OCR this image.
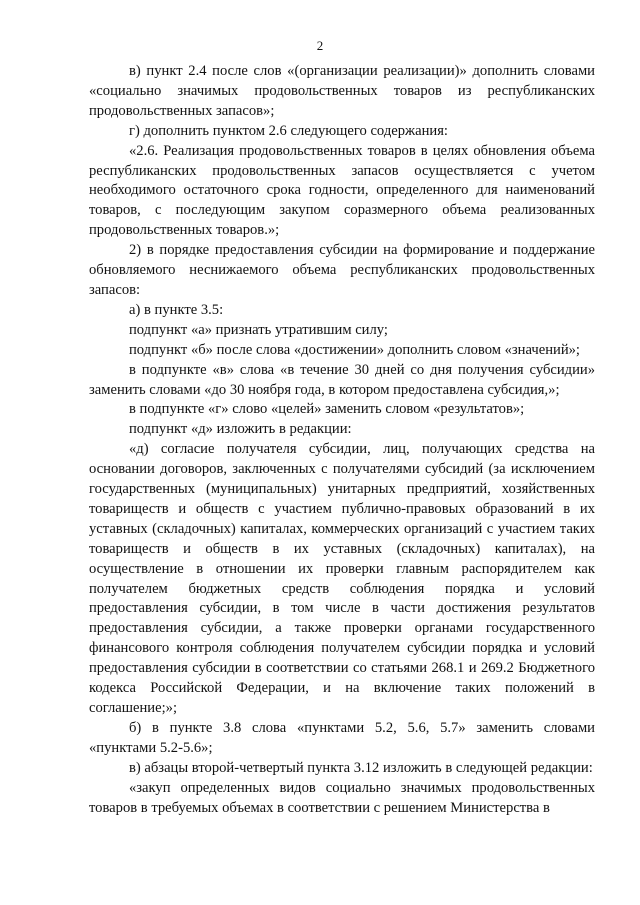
2

в) пункт 2.4 после слов «(организации реализации)» дополнить словами «социально значимых продовольственных товаров из республиканских продовольственных запасов»;

г) дополнить пунктом 2.6 следующего содержания:

«2.6. Реализация продовольственных товаров в целях обновления объема республиканских продовольственных запасов осуществляется с учетом необходимого остаточного срока годности, определенного для наименований товаров, с последующим закупом соразмерного объема реализованных продовольственных товаров.»;

2) в порядке предоставления субсидии на формирование и поддержание обновляемого неснижаемого объема республиканских продовольственных запасов:

а) в пункте 3.5:

подпункт «а» признать утратившим силу;

подпункт «б» после слова «достижении» дополнить словом «значений»;

в подпункте «в» слова «в течение 30 дней со дня получения субсидии» заменить словами «до 30 ноября года, в котором предоставлена субсидия,»;

в подпункте «г» слово «целей» заменить словом «результатов»;

подпункт «д» изложить в редакции:

«д) согласие получателя субсидии, лиц, получающих средства на основании договоров, заключенных с получателями субсидий (за исключением государственных (муниципальных) унитарных предприятий, хозяйственных товариществ и обществ с участием публично-правовых образований в их уставных (складочных) капиталах, коммерческих организаций с участием таких товариществ и обществ в их уставных (складочных) капиталах), на осуществление в отношении их проверки главным распорядителем как получателем бюджетных средств соблюдения порядка и условий предоставления субсидии, в том числе в части достижения результатов предоставления субсидии, а также проверки органами государственного финансового контроля соблюдения получателем субсидии порядка и условий предоставления субсидии в соответствии со статьями 268.1 и 269.2 Бюджетного кодекса Российской Федерации, и на включение таких положений в соглашение;»;

б) в пункте 3.8 слова «пунктами 5.2, 5.6, 5.7» заменить словами «пунктами 5.2-5.6»;

в) абзацы второй-четвертый пункта 3.12 изложить в следующей редакции:

«закуп определенных видов социально значимых продовольственных товаров в требуемых объемах в соответствии с решением Министерства в
